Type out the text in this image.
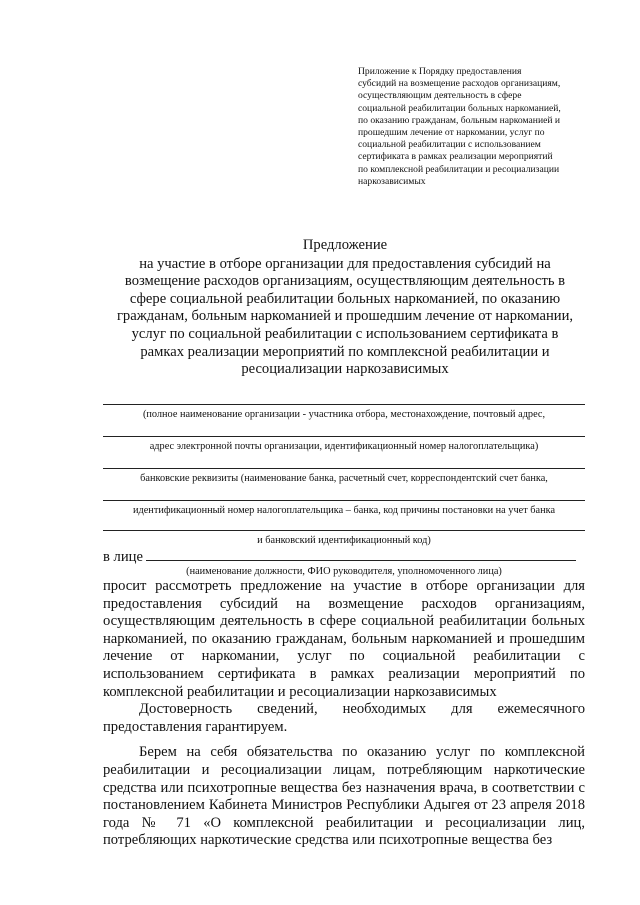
Приложение к Порядку предоставления
субсидий на возмещение расходов организациям,
осуществляющим деятельность в сфере
социальной реабилитации больных наркоманией,
по оказанию гражданам, больным наркоманией и
прошедшим лечение от наркомании, услуг по
социальной реабилитации с использованием
сертификата в рамках реализации мероприятий
по комплексной реабилитации и ресоциализации
наркозависимых
Предложение
на участие в отборе организации для предоставления субсидий на
возмещение расходов организациям, осуществляющим деятельность в
сфере социальной реабилитации больных наркоманией, по оказанию
гражданам, больным наркоманией и прошедшим лечение от наркомании,
услуг по социальной реабилитации с использованием сертификата в
рамках реализации мероприятий по комплексной реабилитации и
ресоциализации наркозависимых
(полное наименование организации - участника отбора, местонахождение, почтовый адрес,
адрес электронной почты организации, идентификационный номер налогоплательщика)
банковские реквизиты (наименование банка, расчетный счет, корреспондентский счет банка,
идентификационный номер налогоплательщика – банка, код причины постановки на учет банка
и банковский идентификационный код)
в лице
(наименование должности, ФИО руководителя, уполномоченного лица)

просит рассмотреть предложение на участие в отборе организации для предоставления субсидий на возмещение расходов организациям, осуществляющим деятельность в сфере социальной реабилитации больных наркоманией, по оказанию гражданам, больным наркоманией и прошедшим лечение от наркомании, услуг по социальной реабилитации с использованием сертификата в рамках реализации мероприятий по комплексной реабилитации и ресоциализации наркозависимых

Достоверность сведений, необходимых для ежемесячного предоставления гарантируем.

Берем на себя обязательства по оказанию услуг по комплексной реабилитации и ресоциализации лицам, потребляющим наркотические средства или психотропные вещества без назначения врача, в соответствии с постановлением Кабинета Министров Республики Адыгея от 23 апреля 2018 года № 71 «О комплексной реабилитации и ресоциализации лиц, потребляющих наркотические средства или психотропные вещества без
